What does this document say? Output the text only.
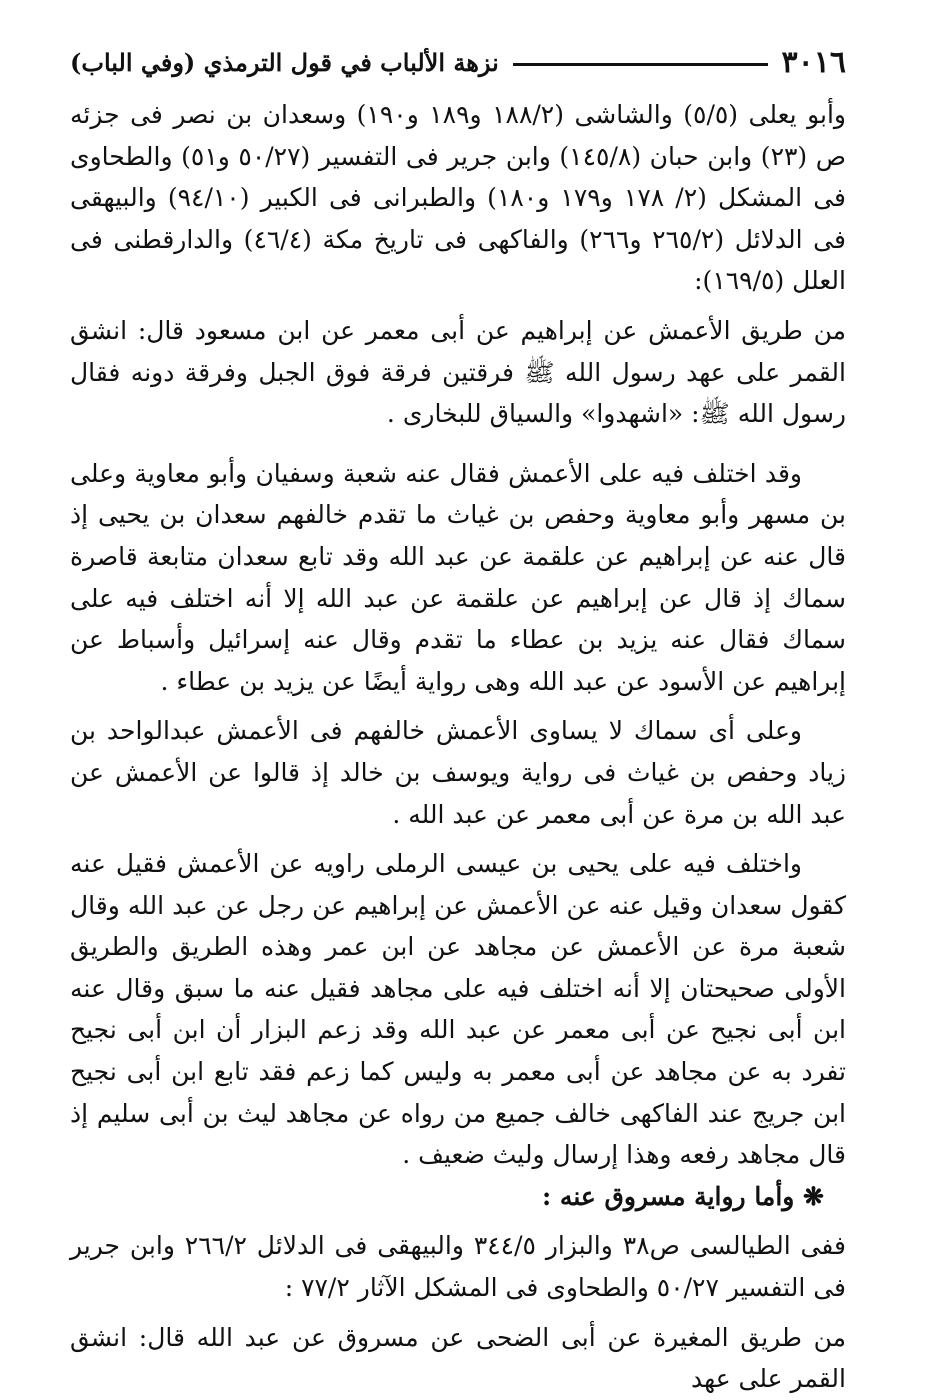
٣٠١٦
نزهة الألباب في قول الترمذي (وفي الباب)

وأبو يعلى (٥/٥) والشاشى (١٨٨/٢ و١٨٩ و١٩٠) وسعدان بن نصر فى جزئه ص (٢٣) وابن حبان (١٤٥/٨) وابن جرير فى التفسير (٥٠/٢٧ و٥١) والطحاوى فى المشكل (٢/ ١٧٨ و١٧٩ و١٨٠) والطبرانى فى الكبير (٩٤/١٠) والبيهقى فى الدلائل (٢٦٥/٢ و٢٦٦) والفاكهى فى تاريخ مكة (٤٦/٤) والدارقطنى فى العلل (١٦٩/٥):

من طريق الأعمش عن إبراهيم عن أبى معمر عن ابن مسعود قال: انشق القمر على عهد رسول الله ﷺ فرقتين فرقة فوق الجبل وفرقة دونه فقال رسول الله ﷺ: «اشهدوا» والسياق للبخارى .

وقد اختلف فيه على الأعمش فقال عنه شعبة وسفيان وأبو معاوية وعلى بن مسهر وأبو معاوية وحفص بن غياث ما تقدم خالفهم سعدان بن يحيى إذ قال عنه عن إبراهيم عن علقمة عن عبد الله وقد تابع سعدان متابعة قاصرة سماك إذ قال عن إبراهيم عن علقمة عن عبد الله إلا أنه اختلف فيه على سماك فقال عنه يزيد بن عطاء ما تقدم وقال عنه إسرائيل وأسباط عن إبراهيم عن الأسود عن عبد الله وهى رواية أيضًا عن يزيد بن عطاء .

وعلى أى سماك لا يساوى الأعمش خالفهم فى الأعمش عبدالواحد بن زياد وحفص بن غياث فى رواية ويوسف بن خالد إذ قالوا عن الأعمش عن عبد الله بن مرة عن أبى معمر عن عبد الله .

واختلف فيه على يحيى بن عيسى الرملى راويه عن الأعمش فقيل عنه كقول سعدان وقيل عنه عن الأعمش عن إبراهيم عن رجل عن عبد الله وقال شعبة مرة عن الأعمش عن مجاهد عن ابن عمر وهذه الطريق والطريق الأولى صحيحتان إلا أنه اختلف فيه على مجاهد فقيل عنه ما سبق وقال عنه ابن أبى نجيح عن أبى معمر عن عبد الله وقد زعم البزار أن ابن أبى نجيح تفرد به عن مجاهد عن أبى معمر به وليس كما زعم فقد تابع ابن أبى نجيح ابن جريج عند الفاكهى خالف جميع من رواه عن مجاهد ليث بن أبى سليم إذ قال مجاهد رفعه وهذا إرسال وليث ضعيف .

❋ وأما رواية مسروق عنه :

ففى الطيالسى ص٣٨ والبزار ٣٤٤/٥ والبيهقى فى الدلائل ٢٦٦/٢ وابن جرير فى التفسير ٥٠/٢٧ والطحاوى فى المشكل الآثار ٧٧/٢ :

من طريق المغيرة عن أبى الضحى عن مسروق عن عبد الله قال: انشق القمر على عهد
